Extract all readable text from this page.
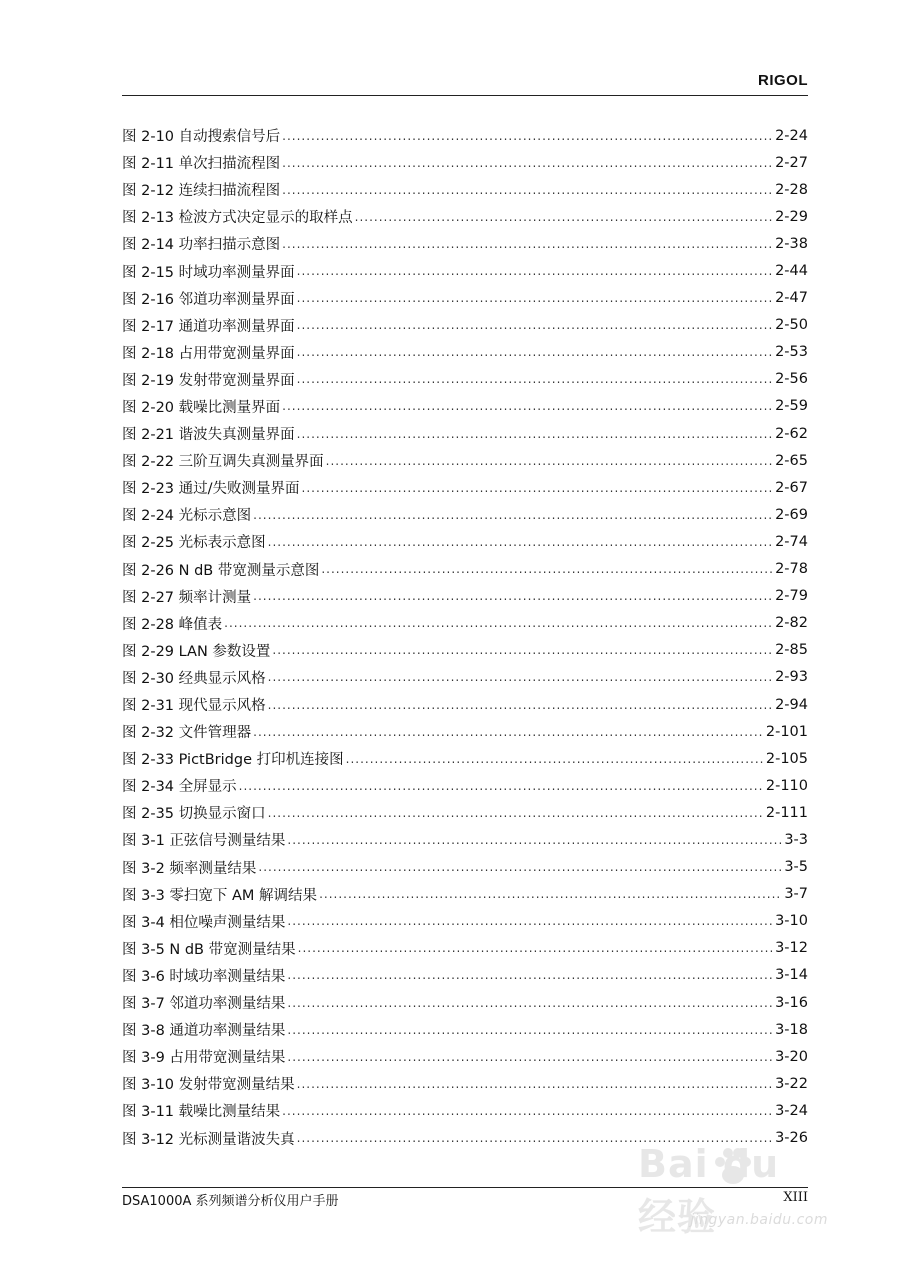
RIGOL
图 2-10 自动搜索信号后 .....	2-24
图 2-11 单次扫描流程图 .....	2-27
图 2-12 连续扫描流程图 .....	2-28
图 2-13 检波方式决定显示的取样点 .....	2-29
图 2-14 功率扫描示意图 .....	2-38
图 2-15 时域功率测量界面 .....	2-44
图 2-16 邻道功率测量界面 .....	2-47
图 2-17 通道功率测量界面 .....	2-50
图 2-18 占用带宽测量界面 .....	2-53
图 2-19 发射带宽测量界面 .....	2-56
图 2-20 载噪比测量界面 .....	2-59
图 2-21 谐波失真测量界面 .....	2-62
图 2-22 三阶互调失真测量界面 .....	2-65
图 2-23 通过/失败测量界面 .....	2-67
图 2-24 光标示意图 .....	2-69
图 2-25 光标表示意图 .....	2-74
图 2-26 N dB 带宽测量示意图 .....	2-78
图 2-27 频率计测量 .....	2-79
图 2-28 峰值表 .....	2-82
图 2-29 LAN 参数设置 .....	2-85
图 2-30 经典显示风格 .....	2-93
图 2-31 现代显示风格 .....	2-94
图 2-32 文件管理器 .....	2-101
图 2-33 PictBridge 打印机连接图 .....	2-105
图 2-34 全屏显示 .....	2-110
图 2-35 切换显示窗口 .....	2-111
图 3-1 正弦信号测量结果 .....	3-3
图 3-2 频率测量结果 .....	3-5
图 3-3 零扫宽下 AM 解调结果 .....	3-7
图 3-4 相位噪声测量结果 .....	3-10
图 3-5 N dB 带宽测量结果 .....	3-12
图 3-6 时域功率测量结果 .....	3-14
图 3-7 邻道功率测量结果 .....	3-16
图 3-8 通道功率测量结果 .....	3-18
图 3-9 占用带宽测量结果 .....	3-20
图 3-10 发射带宽测量结果 .....	3-22
图 3-11 载噪比测量结果 .....	3-24
图 3-12 光标测量谐波失真 .....	3-26
DSA1000A 系列频谱分析仪用户手册	XIII
Bai du 经验
jingyan.baidu.com
